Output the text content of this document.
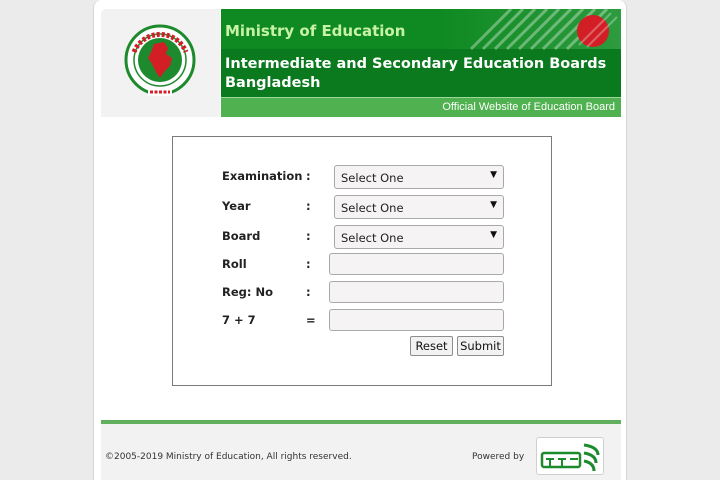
Ministry of Education
Intermediate and Secondary Education Boards Bangladesh
Official Website of Education Board
Examination :	Select One	▼
Year	:	Select One	▼
Board	:	Select One	▼
Roll	:
Reg: No	:
7 + 7	=
Reset	Submit
©2005-2019 Ministry of Education, All rights reserved.	Powered by
